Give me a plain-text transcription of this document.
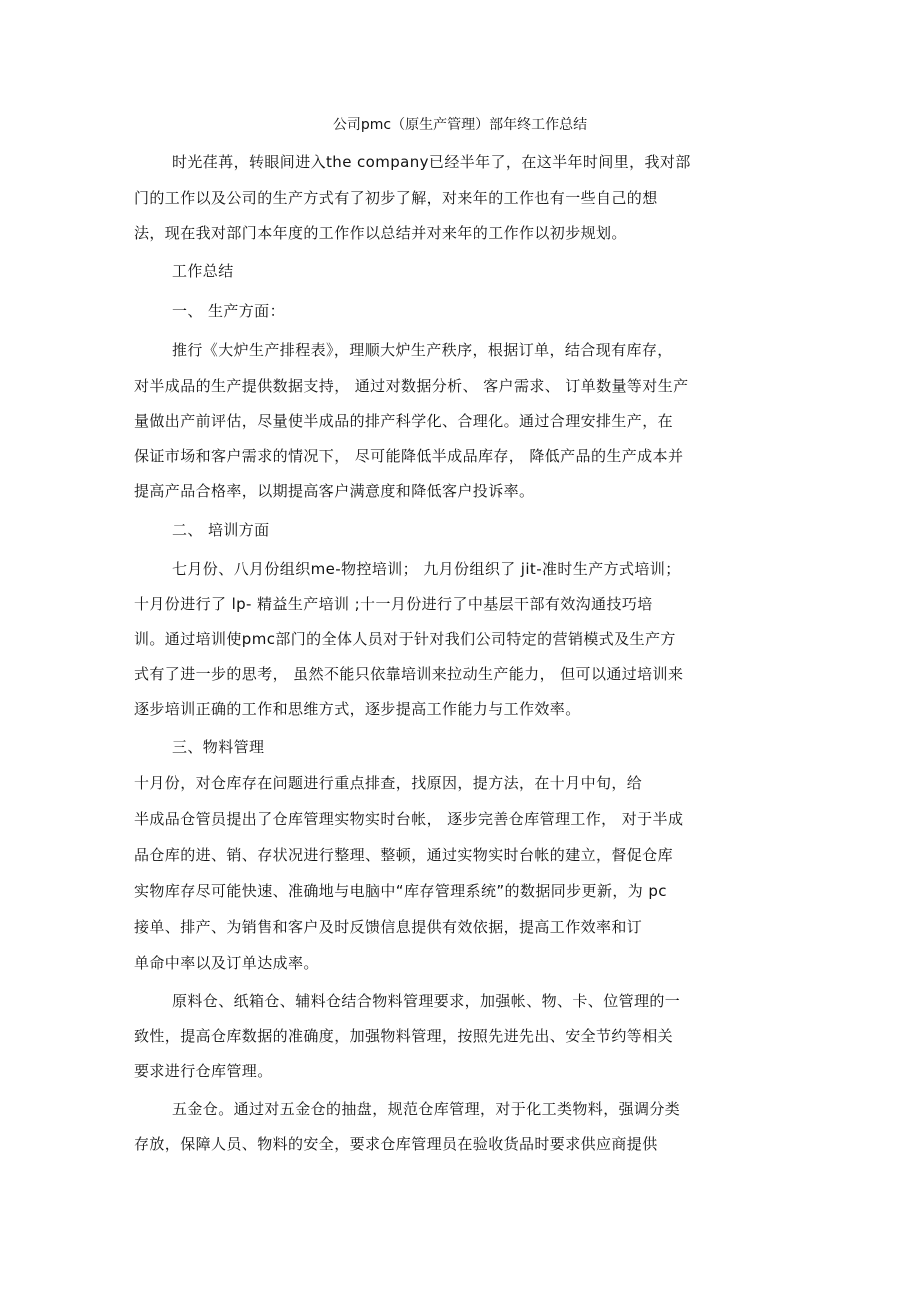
公司pmc（原生产管理）部年终工作总结
时光荏苒，转眼间进入the company已经半年了，在这半年时间里，我对部
门的工作以及公司的生产方式有了初步了解，对来年的工作也有一些自己的想
法，现在我对部门本年度的工作作以总结并对来年的工作作以初步规划。
工作总结
一、 生产方面：
推行《大炉生产排程表》，理顺大炉生产秩序，根据订单，结合现有库存，
对半成品的生产提供数据支持， 通过对数据分析、 客户需求、 订单数量等对生产
量做出产前评估，尽量使半成品的排产科学化、合理化。通过合理安排生产，在
保证市场和客户需求的情况下， 尽可能降低半成品库存， 降低产品的生产成本并
提高产品合格率，以期提高客户满意度和降低客户投诉率。
二、 培训方面
七月份、八月份组织me-物控培训； 九月份组织了 jit-准时生产方式培训；
十月份进行了 lp- 精益生产培训 ;十一月份进行了中基层干部有效沟通技巧培
训。通过培训使pmc部门的全体人员对于针对我们公司特定的营销模式及生产方
式有了进一步的思考， 虽然不能只依靠培训来拉动生产能力， 但可以通过培训来
逐步培训正确的工作和思维方式，逐步提高工作能力与工作效率。
三、物料管理
十月份，对仓库存在问题进行重点排查，找原因，提方法，在十月中旬，给
半成品仓管员提出了仓库管理实物实时台帐， 逐步完善仓库管理工作， 对于半成
品仓库的进、销、存状况进行整理、整顿，通过实物实时台帐的建立，督促仓库
实物库存尽可能快速、准确地与电脑中“库存管理系统”的数据同步更新，为 pc
接单、排产、为销售和客户及时反馈信息提供有效依据，提高工作效率和订
单命中率以及订单达成率。
原料仓、纸箱仓、辅料仓结合物料管理要求，加强帐、物、卡、位管理的一
致性，提高仓库数据的准确度，加强物料管理，按照先进先出、安全节约等相关
要求进行仓库管理。
五金仓。通过对五金仓的抽盘，规范仓库管理，对于化工类物料，强调分类
存放，保障人员、物料的安全，要求仓库管理员在验收货品时要求供应商提供
